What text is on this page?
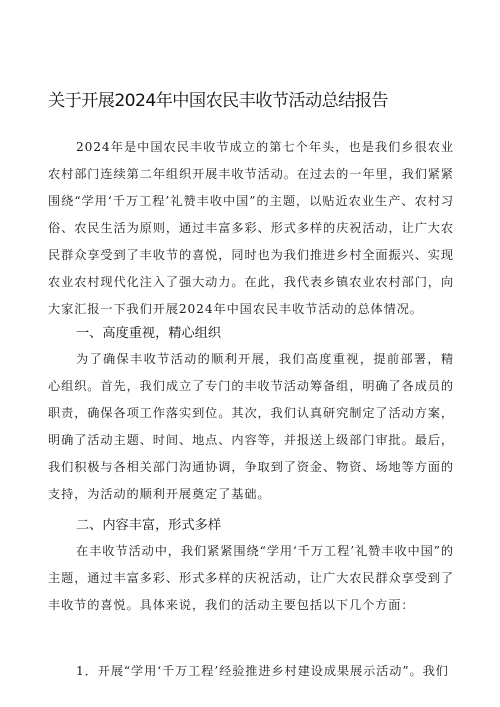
关于开展2024年中国农民丰收节活动总结报告

2024年是中国农民丰收节成立的第七个年头，也是我们乡很农业农村部门连续第二年组织开展丰收节活动。在过去的一年里，我们紧紧围绕“学用‘千万工程’礼赞丰收中国”的主题，以贴近农业生产、农村习俗、农民生活为原则，通过丰富多彩、形式多样的庆祝活动，让广大农民群众享受到了丰收节的喜悦，同时也为我们推进乡村全面振兴、实现农业农村现代化注入了强大动力。在此，我代表乡镇农业农村部门，向大家汇报一下我们开展2024年中国农民丰收节活动的总体情况。

一、高度重视，精心组织

为了确保丰收节活动的顺利开展，我们高度重视，提前部署，精心组织。首先，我们成立了专门的丰收节活动筹备组，明确了各成员的职责，确保各项工作落实到位。其次，我们认真研究制定了活动方案，明确了活动主题、时间、地点、内容等，并报送上级部门审批。最后，我们积极与各相关部门沟通协调，争取到了资金、物资、场地等方面的支持，为活动的顺利开展奠定了基础。

二、内容丰富，形式多样

在丰收节活动中，我们紧紧围绕“学用‘千万工程’礼赞丰收中国”的主题，通过丰富多彩、形式多样的庆祝活动，让广大农民群众享受到了丰收节的喜悦。具体来说，我们的活动主要包括以下几个方面：

1．开展“学用‘千万工程’经验推进乡村建设成果展示活动”。我们
